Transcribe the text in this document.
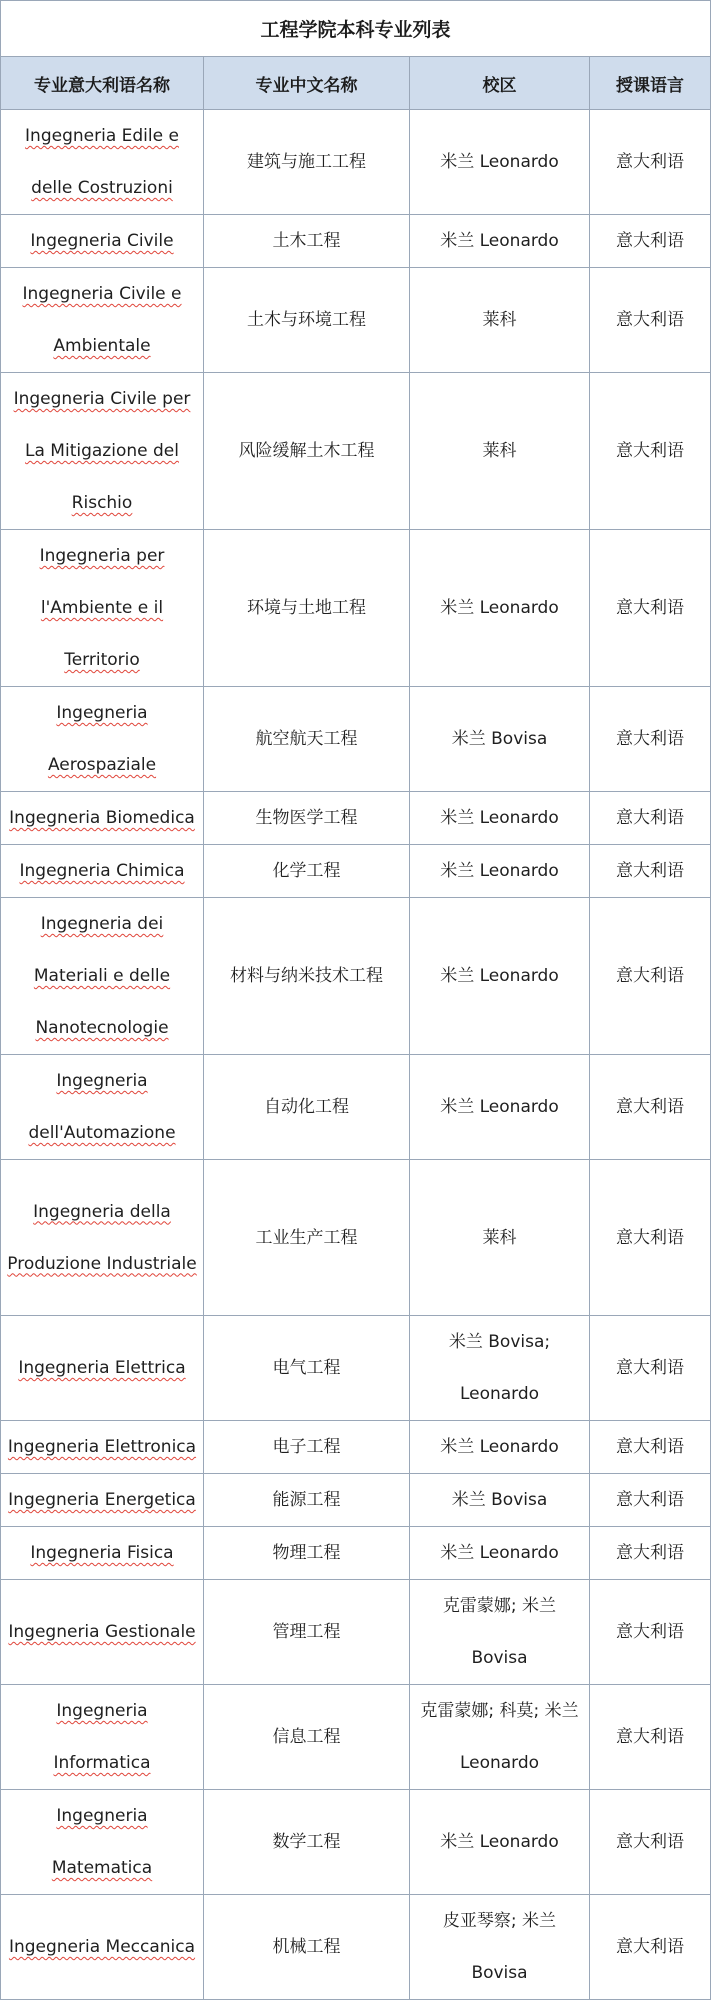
工程学院本科专业列表			
专业意大利语名称	专业中文名称	校区	授课语言
Ingegneria Edile e delle Costruzioni	建筑与施工工程	米兰 Leonardo	意大利语
Ingegneria Civile	土木工程	米兰 Leonardo	意大利语
Ingegneria Civile e Ambientale	土木与环境工程	莱科	意大利语
Ingegneria Civile per La Mitigazione del Rischio	风险缓解土木工程	莱科	意大利语
Ingegneria per l'Ambiente e il Territorio	环境与土地工程	米兰 Leonardo	意大利语
Ingegneria Aerospaziale	航空航天工程	米兰 Bovisa	意大利语
Ingegneria Biomedica	生物医学工程	米兰 Leonardo	意大利语
Ingegneria Chimica	化学工程	米兰 Leonardo	意大利语
Ingegneria dei Materiali e delle Nanotecnologie	材料与纳米技术工程	米兰 Leonardo	意大利语
Ingegneria dell'Automazione	自动化工程	米兰 Leonardo	意大利语
Ingegneria della Produzione Industriale	工业生产工程	莱科	意大利语
Ingegneria Elettrica	电气工程	米兰 Bovisa; Leonardo	意大利语
Ingegneria Elettronica	电子工程	米兰 Leonardo	意大利语
Ingegneria Energetica	能源工程	米兰 Bovisa	意大利语
Ingegneria Fisica	物理工程	米兰 Leonardo	意大利语
Ingegneria Gestionale	管理工程	克雷蒙娜; 米兰 Bovisa	意大利语
Ingegneria Informatica	信息工程	克雷蒙娜; 科莫; 米兰 Leonardo	意大利语
Ingegneria Matematica	数学工程	米兰 Leonardo	意大利语
Ingegneria Meccanica	机械工程	皮亚琴察; 米兰 Bovisa	意大利语
